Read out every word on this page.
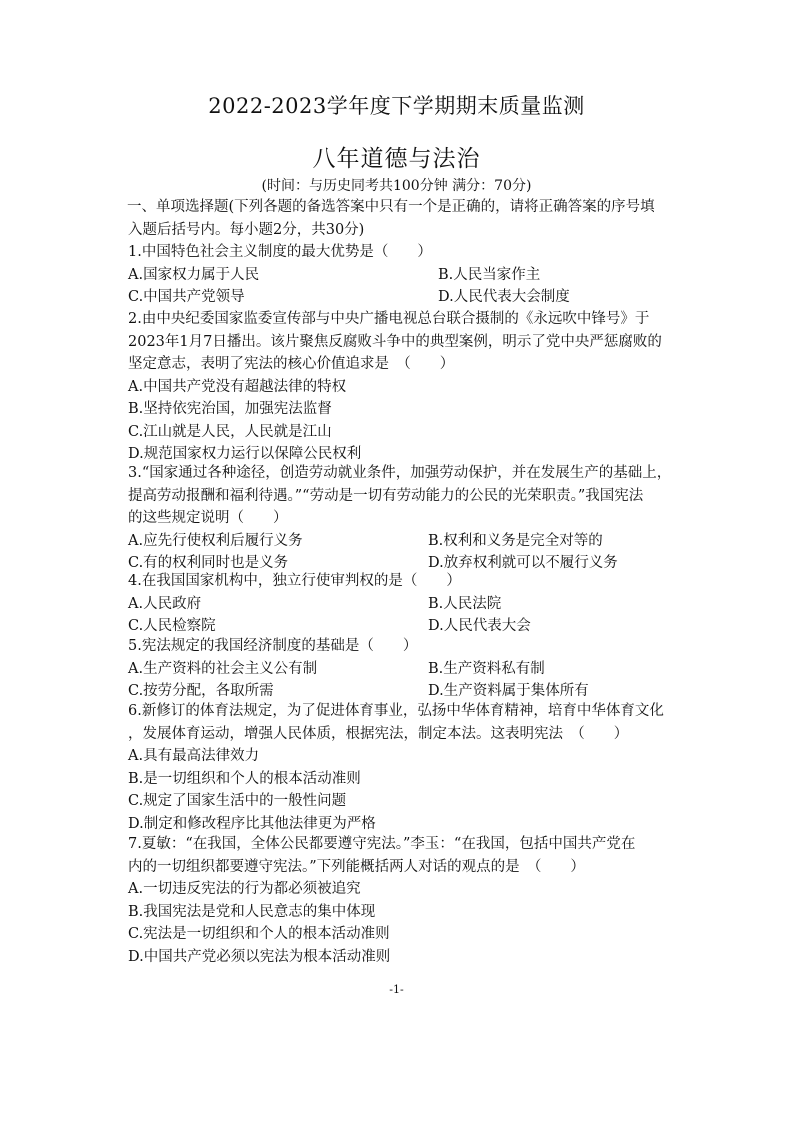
2022-2023学年度下学期期末质量监测
八年道德与法治
(时间：与历史同考共100分钟 满分：70分)
一、单项选择题(下列各题的备选答案中只有一个是正确的，请将正确答案的序号填
入题后括号内。每小题2分，共30分)
1.中国特色社会主义制度的最大优势是（　　）
A.国家权力属于人民	B.人民当家作主
C.中国共产党领导	D.人民代表大会制度
2.由中央纪委国家监委宣传部与中央广播电视总台联合摄制的《永远吹中锋号》于
2023年1月7日播出。该片聚焦反腐败斗争中的典型案例，明示了党中央严惩腐败的
坚定意志，表明了宪法的核心价值追求是　（　　）
A.中国共产党没有超越法律的特权
B.坚持依宪治国，加强宪法监督
C.江山就是人民，人民就是江山
D.规范国家权力运行以保障公民权利
3.“国家通过各种途径，创造劳动就业条件，加强劳动保护，并在发展生产的基础上，
提高劳动报酬和福利待遇。”“劳动是一切有劳动能力的公民的光荣职责。”我国宪法
的这些规定说明（　　）
A.应先行使权利后履行义务	B.权利和义务是完全对等的
C.有的权利同时也是义务	D.放弃权利就可以不履行义务
4.在我国国家机构中，独立行使审判权的是（　　）
A.人民政府	B.人民法院
C.人民检察院	D.人民代表大会
5.宪法规定的我国经济制度的基础是（　　）
A.生产资料的社会主义公有制	B.生产资料私有制
C.按劳分配，各取所需	D.生产资料属于集体所有
6.新修订的体育法规定，为了促进体育事业，弘扬中华体育精神，培育中华体育文化
，发展体育运动，增强人民体质，根据宪法，制定本法。这表明宪法　（　　）
A.具有最高法律效力
B.是一切组织和个人的根本活动准则
C.规定了国家生活中的一般性问题
D.制定和修改程序比其他法律更为严格
7.夏敏：“在我国，全体公民都要遵守宪法。”李玉：“在我国，包括中国共产党在
内的一切组织都要遵守宪法。”下列能概括两人对话的观点的是　（　　）
A.一切违反宪法的行为都必须被追究
B.我国宪法是党和人民意志的集中体现
C.宪法是一切组织和个人的根本活动准则
D.中国共产党必须以宪法为根本活动准则
-1-
